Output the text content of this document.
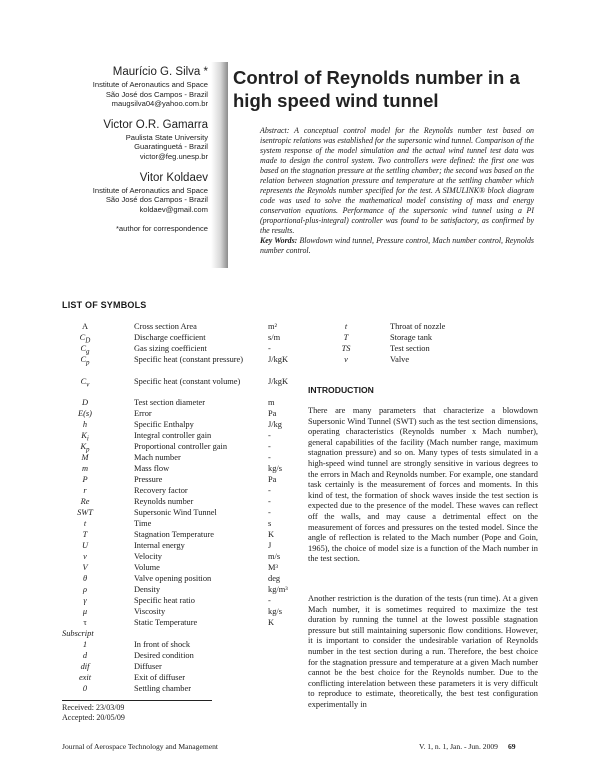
Maurício G. Silva *
Institute of Aeronautics and Space
São José dos Campos - Brazil
maugsilva04@yahoo.com.br
Victor O.R. Gamarra
Paulista State University
Guaratinguetá - Brazil
victor@feg.unesp.br
Vitor Koldaev
Institute of Aeronautics and Space
São José dos Campos - Brazil
koldaev@gmail.com
*author for correspondence
Control of Reynolds number in a high speed wind tunnel

Abstract: A conceptual control model for the Reynolds number test based on isentropic relations was established for the supersonic wind tunnel. Comparison of the system response of the model simulation and the actual wind tunnel test data was made to design the control system. Two controllers were defined: the first one was based on the stagnation pressure at the settling chamber; the second was based on the relation between stagnation pressure and temperature at the settling chamber which represents the Reynolds number specified for the test. A SIMULINK® block diagram code was used to solve the mathematical model consisting of mass and energy conservation equations. Performance of the supersonic wind tunnel using a PI (proportional-plus-integral) controller was found to be satisfactory, as confirmed by the results.

Key Words: Blowdown wind tunnel, Pressure control, Mach number control, Reynolds number control.

LIST OF SYMBOLS
A	Cross section Area	m²
$C_D$	Discharge coefficient	s/m
$C_g$	Gas sizing coefficient	-
$C_p$	Specific heat (constant pressure)	J/kgK
$C_v$	Specific heat (constant volume)	J/kgK
D	Test section diameter	m
E(s)	Error	Pa
h	Specific Enthalpy	J/kg
$K_i$	Integral controller gain	-
$K_p$	Proportional controller gain	-
M	Mach number	-
m	Mass flow	kg/s
P	Pressure	Pa
r	Recovery factor	-
Re	Reynolds number	-
SWT	Supersonic Wind Tunnel	-
t	Time	s
T	Stagnation Temperature	K
U	Internal energy	J
v	Velocity	m/s
V	Volume	M³
θ	Valve opening position	deg
ρ	Density	kg/m³
γ	Specific heat ratio	-
μ	Viscosity	kg/s
τ	Static Temperature	K
Subscript
1	In front of shock
d	Desired condition
dif	Diffuser
exit	Exit of diffuser
0	Settling chamber
t	Throat of nozzle
T	Storage tank
TS	Test section
v	Valve
INTRODUCTION

There are many parameters that characterize a blowdown Supersonic Wind Tunnel (SWT) such as the test section dimensions, operating characteristics (Reynolds number x Mach number), general capabilities of the facility (Mach number range, maximum stagnation pressure) and so on. Many types of tests simulated in a high-speed wind tunnel are strongly sensitive in various degrees to the errors in Mach and Reynolds number. For example, one standard task certainly is the measurement of forces and moments. In this kind of test, the formation of shock waves inside the test section is expected due to the presence of the model. These waves can reflect off the walls, and may cause a detrimental effect on the measurement of forces and pressures on the tested model. Since the angle of reflection is related to the Mach number (Pope and Goin, 1965), the choice of model size is a function of the Mach number in the test section.

Another restriction is the duration of the tests (run time). At a given Mach number, it is sometimes required to maximize the test duration by running the tunnel at the lowest possible stagnation pressure but still maintaining supersonic flow conditions. However, it is important to consider the undesirable variation of Reynolds number in the test section during a run. Therefore, the best choice for the stagnation pressure and temperature at a given Mach number cannot be the best choice for the Reynolds number. Due to the conflicting interelation between these parameters it is very difficult to reproduce to estimate, theoretically, the best test configuration experimentally in

Received: 23/03/09
Accepted: 20/05/09
Journal of Aerospace Technology and Management	V. 1, n. 1, Jan. - Jun. 2009 69
